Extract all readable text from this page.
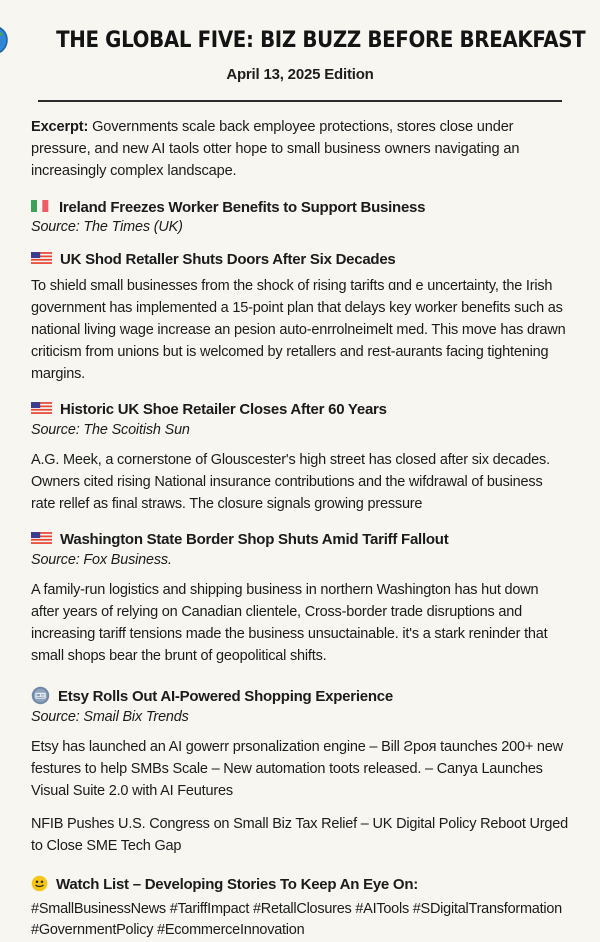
THE GLOBAL FIVE: BIZ BUZZ BEFORE BREAKFAST
April 13, 2025 Edition
Excerpt: Governments scale back employee protections, stores close under pressure, and new AI taols otter hope to small business owners navigating an increasingly complex landscape.
Ireland Freezes Worker Benefits to Support Business
Source: The Times (UK)
UK Shod Retaller Shuts Doors After Six Decades
To shield small businesses from the shock of rising tarifts ɑnd e uncertainty, the Irish government has implemented a 15-point plan that delays key worker benefits such as national living wage increase an pesion auto-enrrolneimelt med. This move has drawn criticism from unions but is welcomed by retallers and rest-aurants facing tightening margins.
Historic UK Shoe Retailer Closes After 60 Years
Source: The Scoitish Sun
A.G. Meek, a cornerstone of Glouscester's high street has closed after six decades. Owners cited rising National insurance contributions and the wifdrawal of business rate rellef as final straws. The closure signals growing pressure
Washington State Border Shop Shuts Amid Tariff Fallout
Source: Fox Business.
A family-run logistics and shipping business in northern Washington has hut down after years of relying on Canadian clientele, Cross-border trade disruptions and increasing tariff tensions made the business unsuctainable. it's a stark reninder that small shops bear the brunt of geopolitical shifts.
Etsy Rolls Out AI-Powered Shopping Experience
Source: Smail Bix Trends
Etsy has launched an AI gowerr prsonalization engine – Bill Ƨpoя taunches 200+ new festures to help SMBs Scale – New automation toots released. – Canya Launches Visual Suite 2.0 with AI Feutures
NFIB Pushes U.S. Congress on Small Biz Tax Relief – UK Digital Policy Reboot Urged to Close SME Tech Gap
Watch List – Developing Stories To Keep An Eye On:
#SmallBusinessNews #TariffImpact #RetallClosures #AITools #SDigitalTransformation #GovernmentPolicy #EcommerceInnovation
